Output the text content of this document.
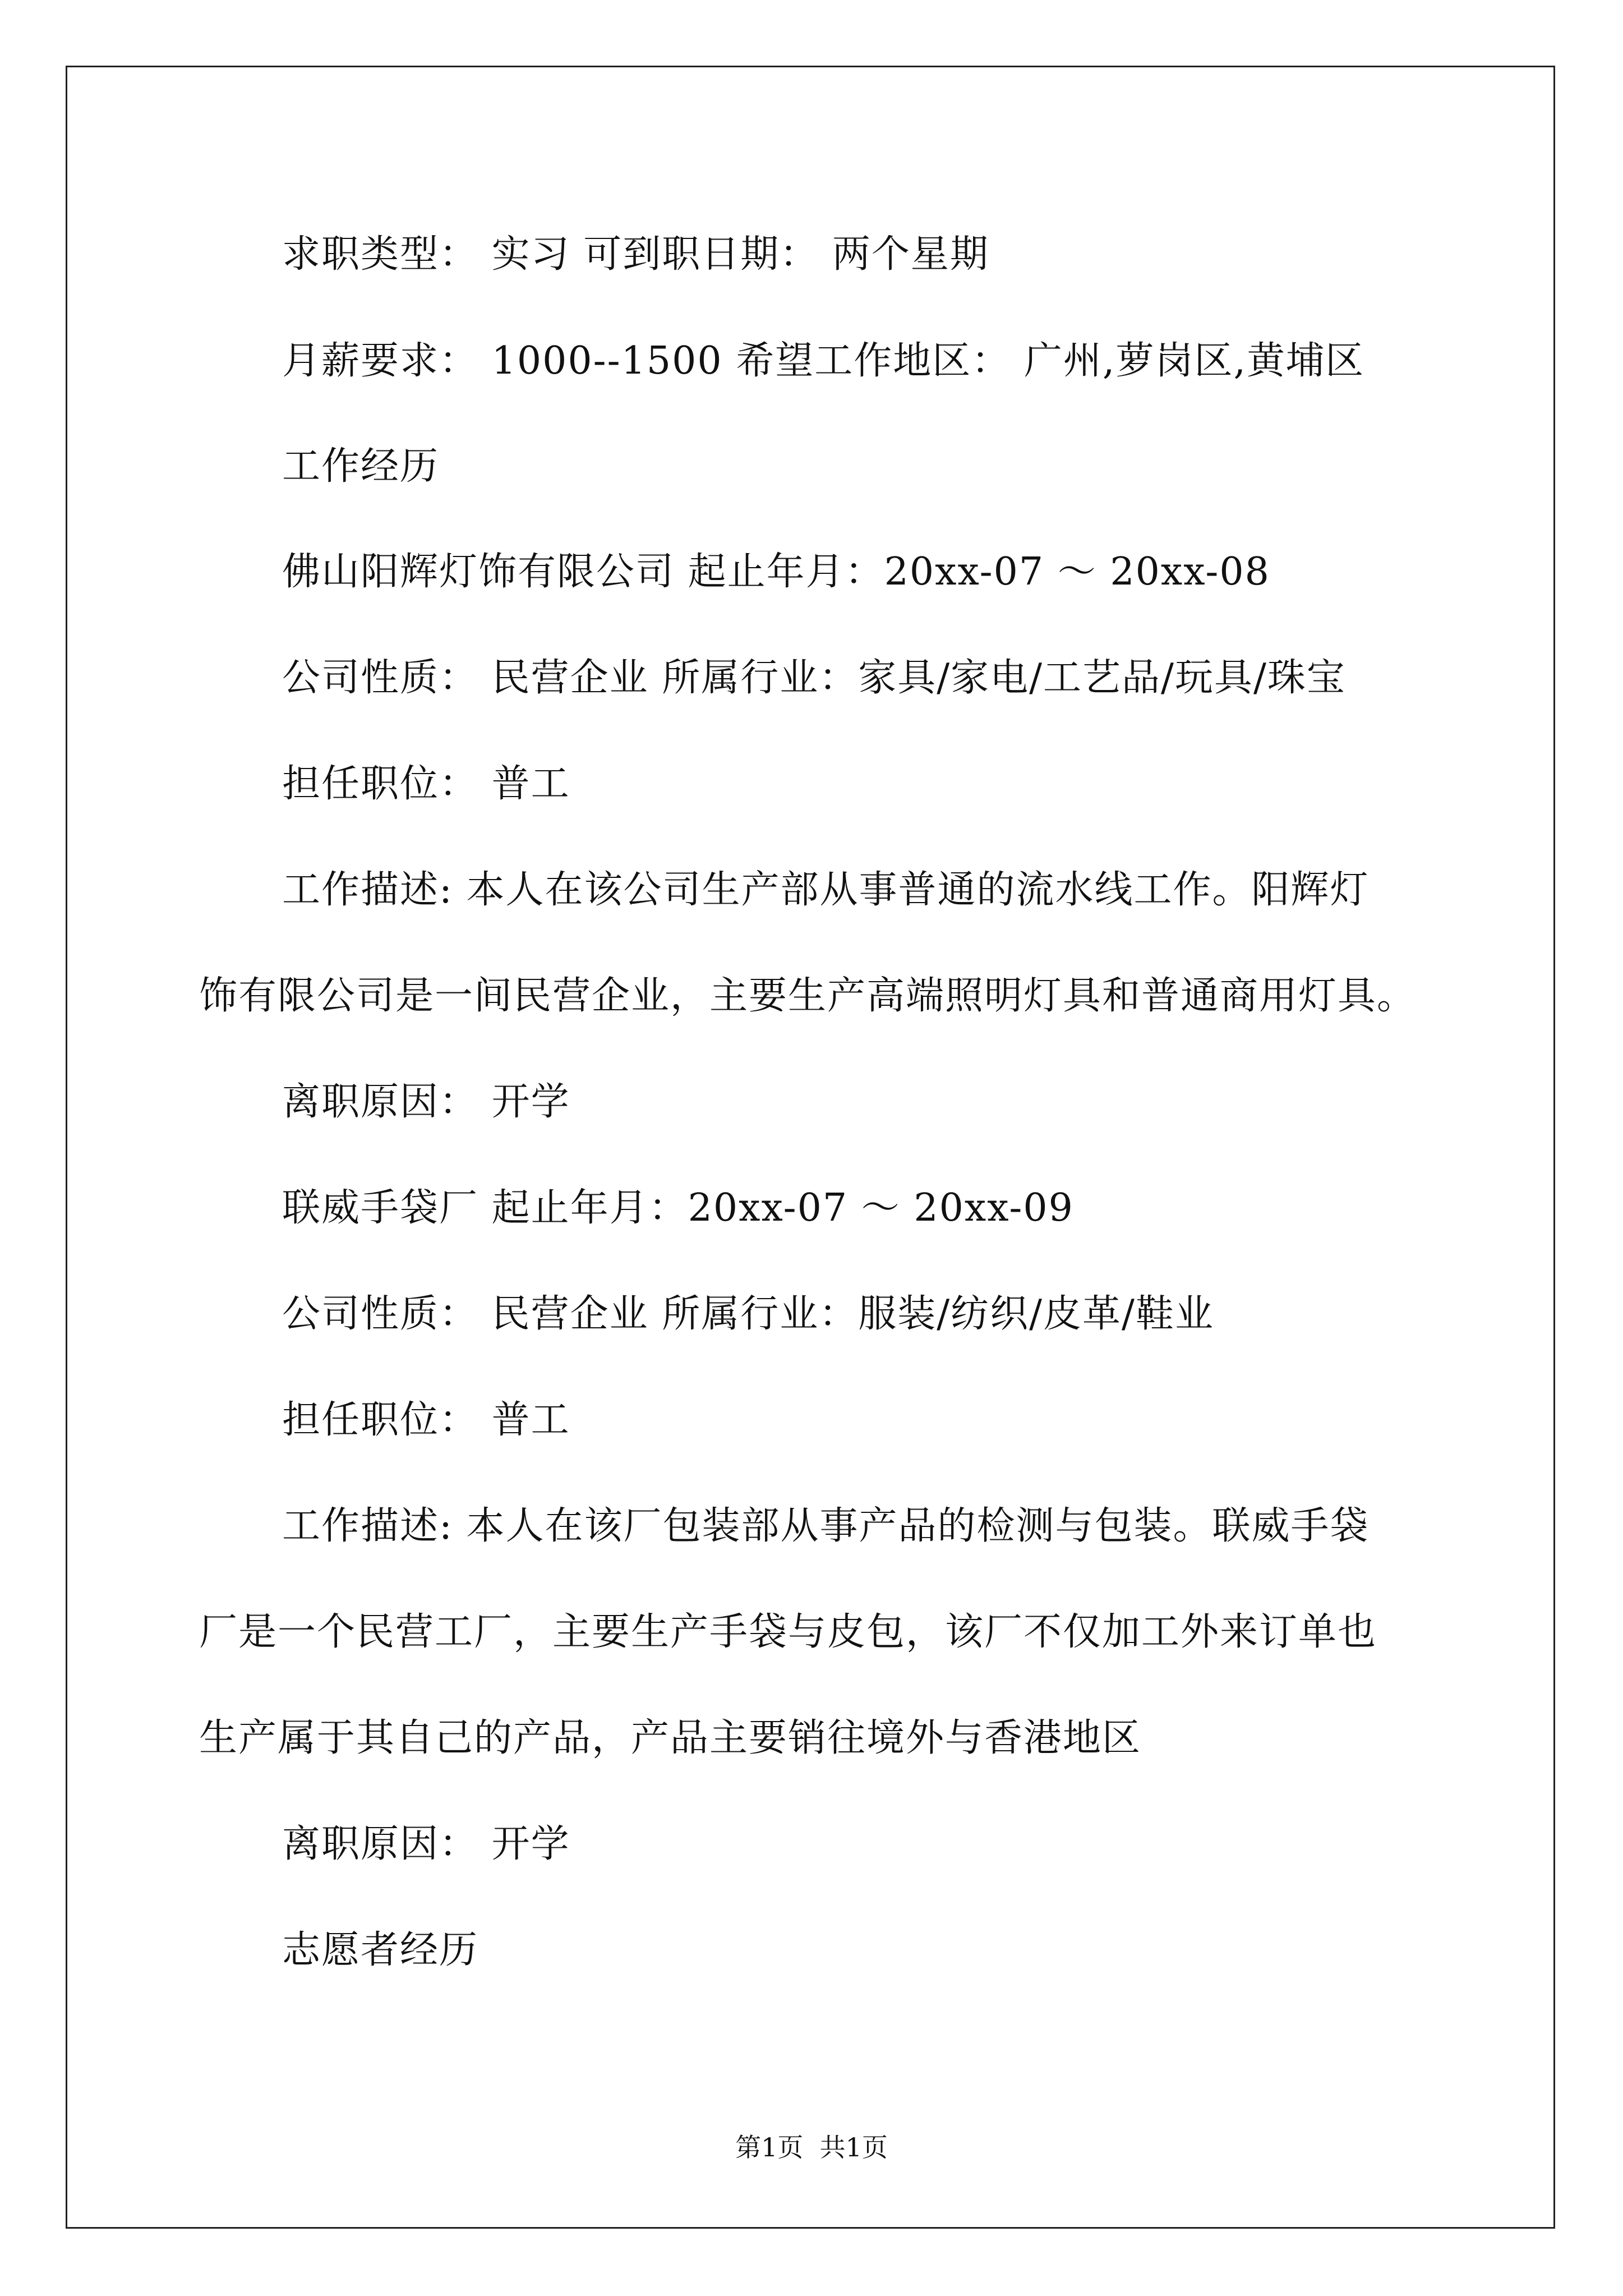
求职类型： 实习 可到职日期： 两个星期
月薪要求： 1000--1500 希望工作地区： 广州,萝岗区,黄埔区
工作经历
佛山阳辉灯饰有限公司 起止年月：20xx-07 ～ 20xx-08
公司性质： 民营企业 所属行业：家具/家电/工艺品/玩具/珠宝
担任职位： 普工
工作描述: 本人在该公司生产部从事普通的流水线工作。阳辉灯
饰有限公司是一间民营企业，主要生产高端照明灯具和普通商用灯具。
离职原因： 开学
联威手袋厂 起止年月：20xx-07 ～ 20xx-09
公司性质： 民营企业 所属行业：服装/纺织/皮革/鞋业
担任职位： 普工
工作描述: 本人在该厂包装部从事产品的检测与包装。联威手袋
厂是一个民营工厂，主要生产手袋与皮包，该厂不仅加工外来订单也
生产属于其自己的产品，产品主要销往境外与香港地区
离职原因： 开学
志愿者经历
第1页  共1页
